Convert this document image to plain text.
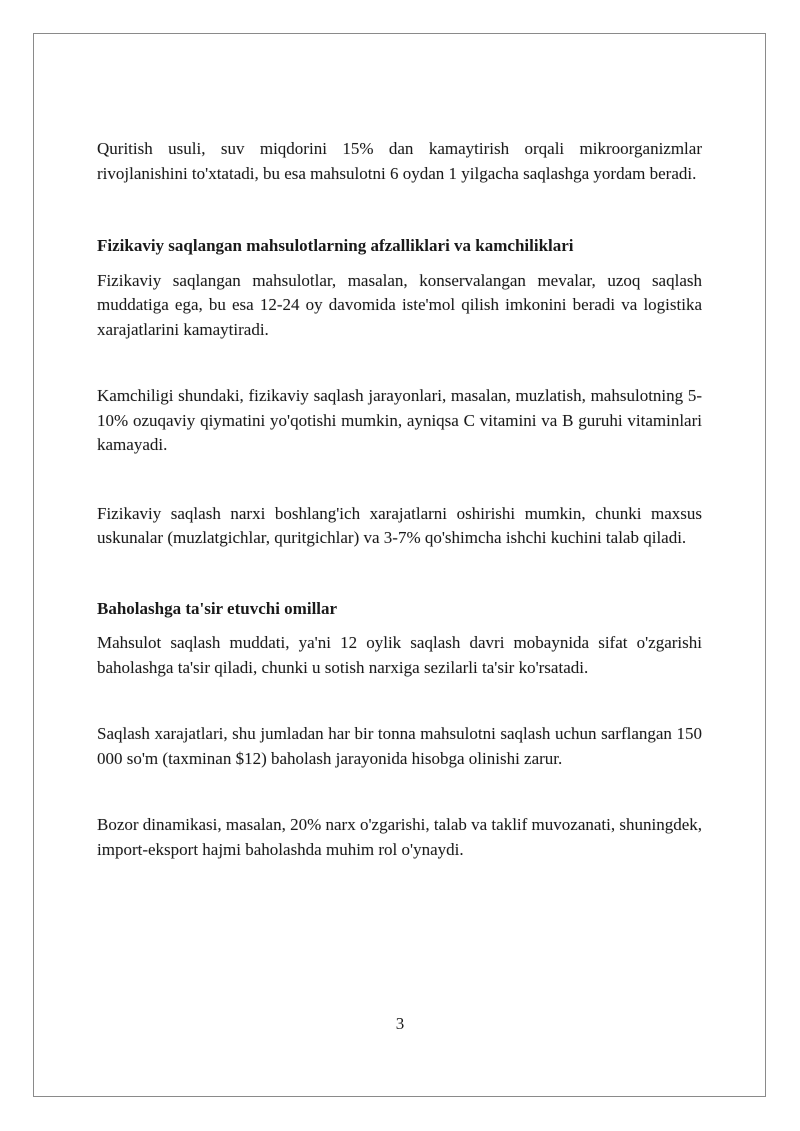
Quritish usuli, suv miqdorini 15% dan kamaytirish orqali mikroorganizmlar rivojlanishini to'xtatadi, bu esa mahsulotni 6 oydan 1 yilgacha saqlashga yordam beradi.

Fizikaviy saqlangan mahsulotlarning afzalliklari va kamchiliklari

Fizikaviy saqlangan mahsulotlar, masalan, konservalangan mevalar, uzoq saqlash muddatiga ega, bu esa 12-24 oy davomida iste'mol qilish imkonini beradi va logistika xarajatlarini kamaytiradi.

Kamchiligi shundaki, fizikaviy saqlash jarayonlari, masalan, muzlatish, mahsulotning 5-10% ozuqaviy qiymatini yo'qotishi mumkin, ayniqsa C vitamini va B guruhi vitaminlari kamayadi.

Fizikaviy saqlash narxi boshlang'ich xarajatlarni oshirishi mumkin, chunki maxsus uskunalar (muzlatgichlar, quritgichlar) va 3-7% qo'shimcha ishchi kuchini talab qiladi.

Baholashga ta'sir etuvchi omillar

Mahsulot saqlash muddati, ya'ni 12 oylik saqlash davri mobaynida sifat o'zgarishi baholashga ta'sir qiladi, chunki u sotish narxiga sezilarli ta'sir ko'rsatadi.

Saqlash xarajatlari, shu jumladan har bir tonna mahsulotni saqlash uchun sarflangan 150 000 so'm (taxminan $12) baholash jarayonida hisobga olinishi zarur.

Bozor dinamikasi, masalan, 20% narx o'zgarishi, talab va taklif muvozanati, shuningdek, import-eksport hajmi baholashda muhim rol o'ynaydi.

3
